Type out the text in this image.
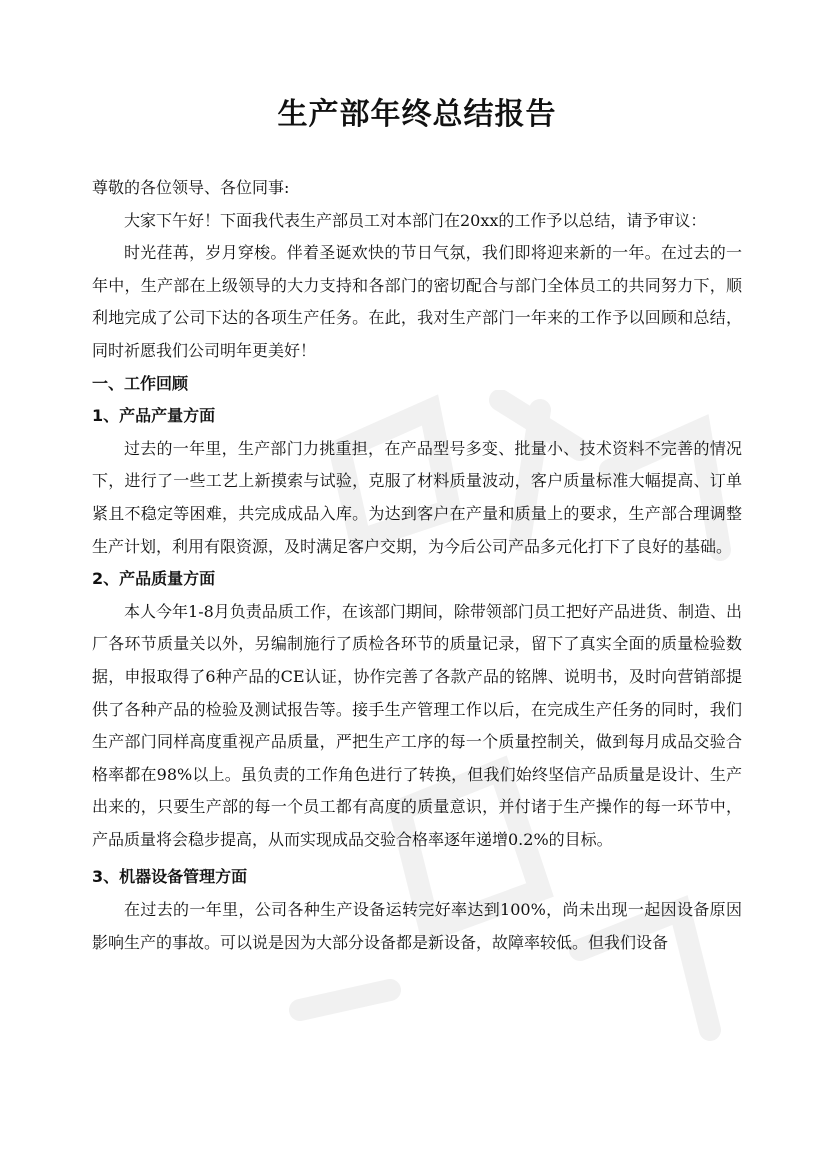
生产部年终总结报告

尊敬的各位领导、各位同事:

大家下午好！下面我代表生产部员工对本部门在20xx的工作予以总结，请予审议：

时光荏苒，岁月穿梭。伴着圣诞欢快的节日气氛，我们即将迎来新的一年。在过去的一年中，生产部在上级领导的大力支持和各部门的密切配合与部门全体员工的共同努力下，顺利地完成了公司下达的各项生产任务。在此，我对生产部门一年来的工作予以回顾和总结，同时祈愿我们公司明年更美好！

一、工作回顾

1、产品产量方面

过去的一年里，生产部门力挑重担，在产品型号多变、批量小、技术资料不完善的情况下，进行了一些工艺上新摸索与试验，克服了材料质量波动，客户质量标准大幅提高、订单紧且不稳定等困难，共完成成品入库。为达到客户在产量和质量上的要求，生产部合理调整生产计划，利用有限资源，及时满足客户交期，为今后公司产品多元化打下了良好的基础。

2、产品质量方面

本人今年1-8月负责品质工作，在该部门期间，除带领部门员工把好产品进货、制造、出厂各环节质量关以外，另编制施行了质检各环节的质量记录，留下了真实全面的质量检验数据，申报取得了6种产品的CE认证，协作完善了各款产品的铭牌、说明书，及时向营销部提供了各种产品的检验及测试报告等。接手生产管理工作以后，在完成生产任务的同时，我们生产部门同样高度重视产品质量，严把生产工序的每一个质量控制关，做到每月成品交验合格率都在98%以上。虽负责的工作角色进行了转换，但我们始终坚信产品质量是设计、生产出来的，只要生产部的每一个员工都有高度的质量意识，并付诸于生产操作的每一环节中，产品质量将会稳步提高，从而实现成品交验合格率逐年递增0.2%的目标。

3、机器设备管理方面

在过去的一年里，公司各种生产设备运转完好率达到100%，尚未出现一起因设备原因影响生产的事故。可以说是因为大部分设备都是新设备，故障率较低。但我们设备
